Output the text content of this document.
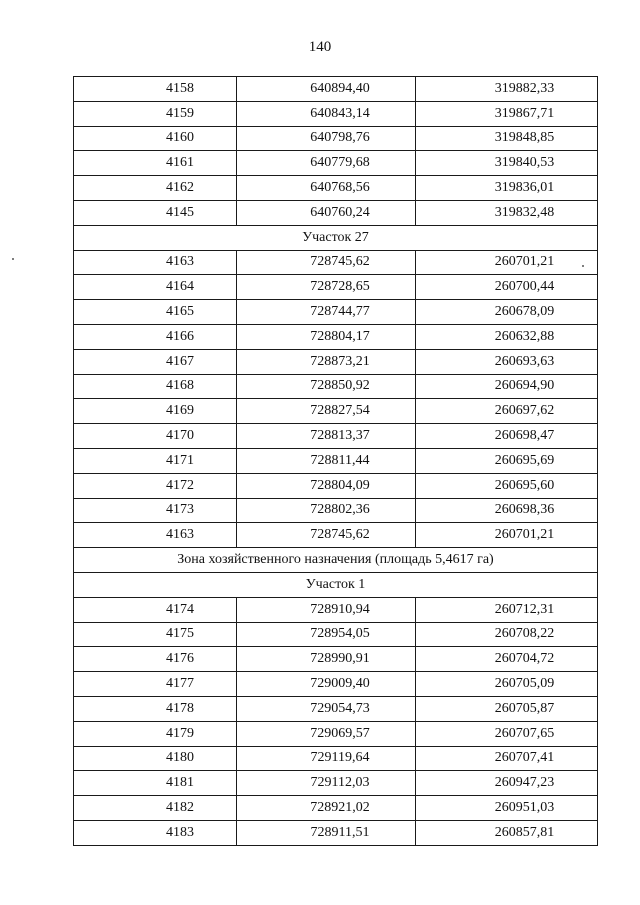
140
4158	640894,40	319882,33
4159	640843,14	319867,71
4160	640798,76	319848,85
4161	640779,68	319840,53
4162	640768,56	319836,01
4145	640760,24	319832,48
Участок 27		
4163	728745,62	260701,21
4164	728728,65	260700,44
4165	728744,77	260678,09
4166	728804,17	260632,88
4167	728873,21	260693,63
4168	728850,92	260694,90
4169	728827,54	260697,62
4170	728813,37	260698,47
4171	728811,44	260695,69
4172	728804,09	260695,60
4173	728802,36	260698,36
4163	728745,62	260701,21
Зона хозяйственного назначения (площадь 5,4617 га)		
Участок 1		
4174	728910,94	260712,31
4175	728954,05	260708,22
4176	728990,91	260704,72
4177	729009,40	260705,09
4178	729054,73	260705,87
4179	729069,57	260707,65
4180	729119,64	260707,41
4181	729112,03	260947,23
4182	728921,02	260951,03
4183	728911,51	260857,81
